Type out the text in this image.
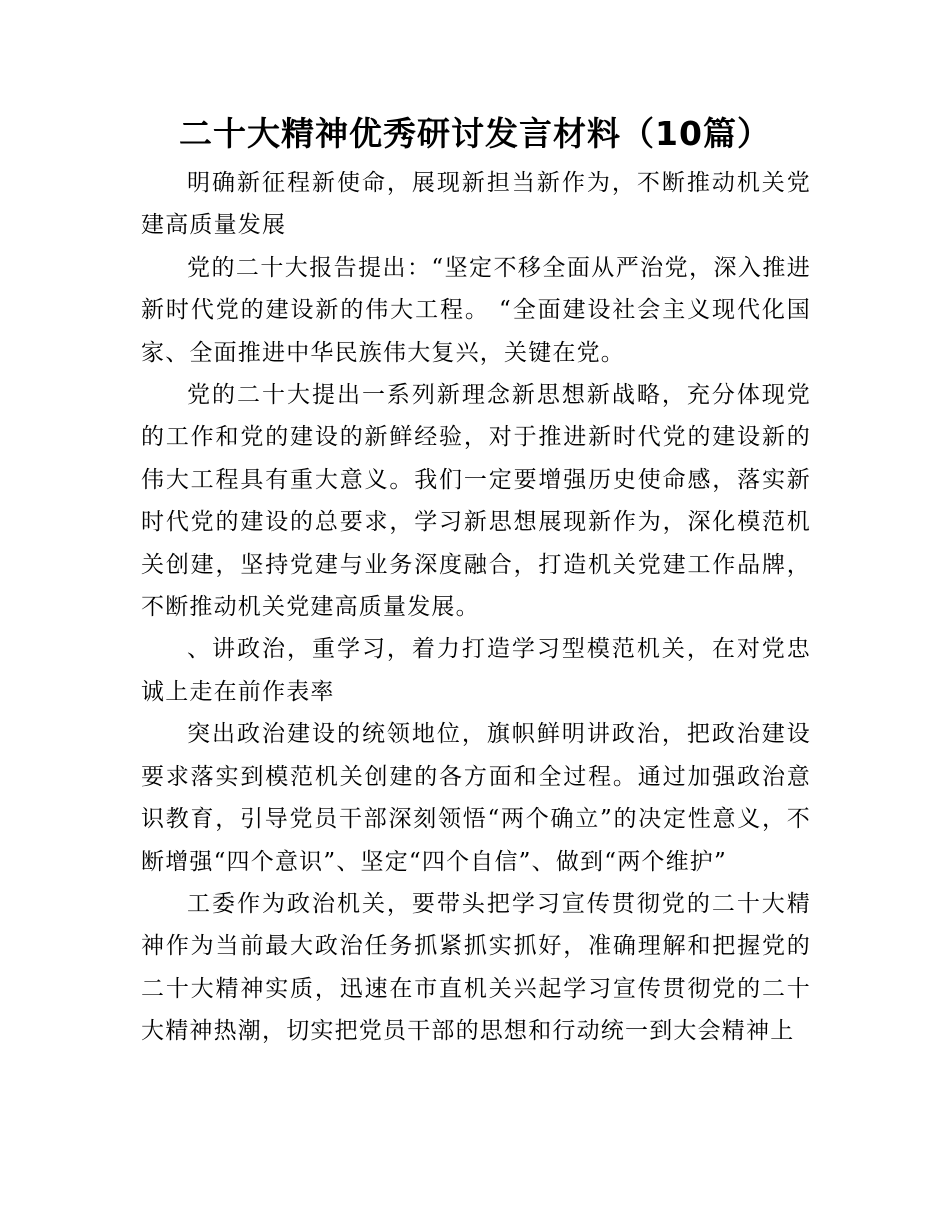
二十大精神优秀研讨发言材料（10篇）

明确新征程新使命，展现新担当新作为，不断推动机关党建高质量发展

党的二十大报告提出：“坚定不移全面从严治党，深入推进新时代党的建设新的伟大工程。 “全面建设社会主义现代化国家、全面推进中华民族伟大复兴，关键在党。

党的二十大提出一系列新理念新思想新战略，充分体现党的工作和党的建设的新鲜经验，对于推进新时代党的建设新的伟大工程具有重大意义。我们一定要增强历史使命感，落实新时代党的建设的总要求，学习新思想展现新作为，深化模范机关创建，坚持党建与业务深度融合，打造机关党建工作品牌，不断推动机关党建高质量发展。

、讲政治，重学习，着力打造学习型模范机关，在对党忠诚上走在前作表率

突出政治建设的统领地位，旗帜鲜明讲政治，把政治建设要求落实到模范机关创建的各方面和全过程。通过加强政治意识教育，引导党员干部深刻领悟“两个确立”的决定性意义，不断增强“四个意识”、坚定“四个自信”、做到“两个维护”

工委作为政治机关，要带头把学习宣传贯彻党的二十大精神作为当前最大政治任务抓紧抓实抓好，准确理解和把握党的二十大精神实质，迅速在市直机关兴起学习宣传贯彻党的二十大精神热潮，切实把党员干部的思想和行动统一到大会精神上
